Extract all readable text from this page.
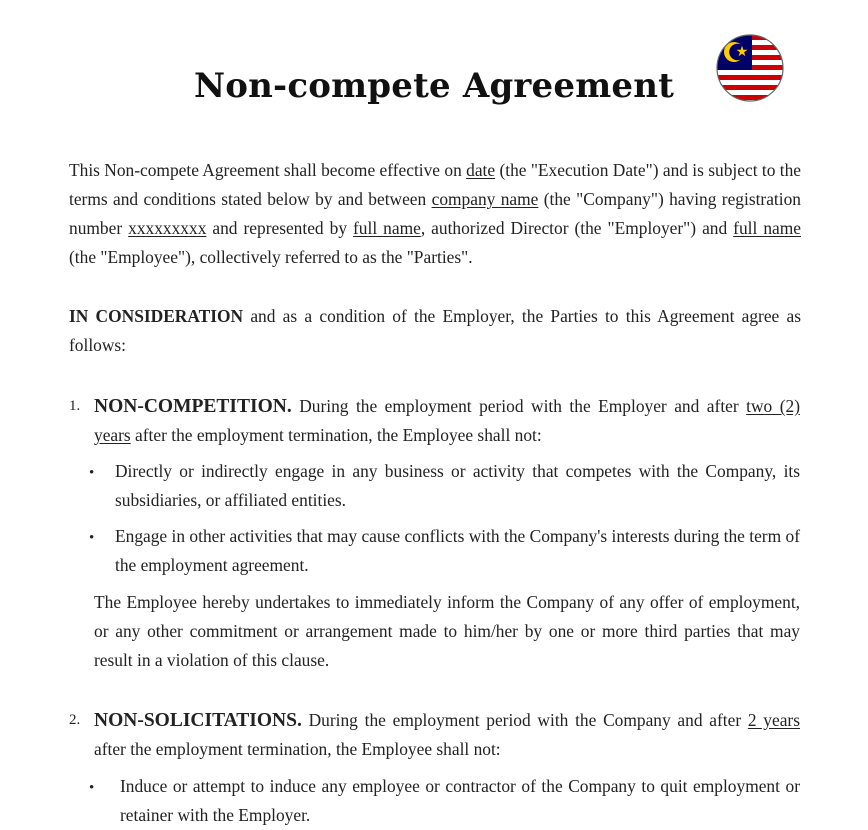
Non-compete Agreement

This Non-compete Agreement shall become effective on date (the "Execution Date") and is subject to the terms and conditions stated below by and between company name (the "Company") having registration number xxxxxxxxx and represented by full name, authorized Director (the "Employer") and full name (the "Employee"), collectively referred to as the "Parties".

IN CONSIDERATION and as a condition of the Employer, the Parties to this Agreement agree as follows:

1. NON-COMPETITION. During the employment period with the Employer and after two (2) years after the employment termination, the Employee shall not:

• Directly or indirectly engage in any business or activity that competes with the Company, its subsidiaries, or affiliated entities.

• Engage in other activities that may cause conflicts with the Company's interests during the term of the employment agreement.

The Employee hereby undertakes to immediately inform the Company of any offer of employment, or any other commitment or arrangement made to him/her by one or more third parties that may result in a violation of this clause.

2. NON-SOLICITATIONS. During the employment period with the Company and after 2 years after the employment termination, the Employee shall not:

• Induce or attempt to induce any employee or contractor of the Company to quit employment or retainer with the Employer.
